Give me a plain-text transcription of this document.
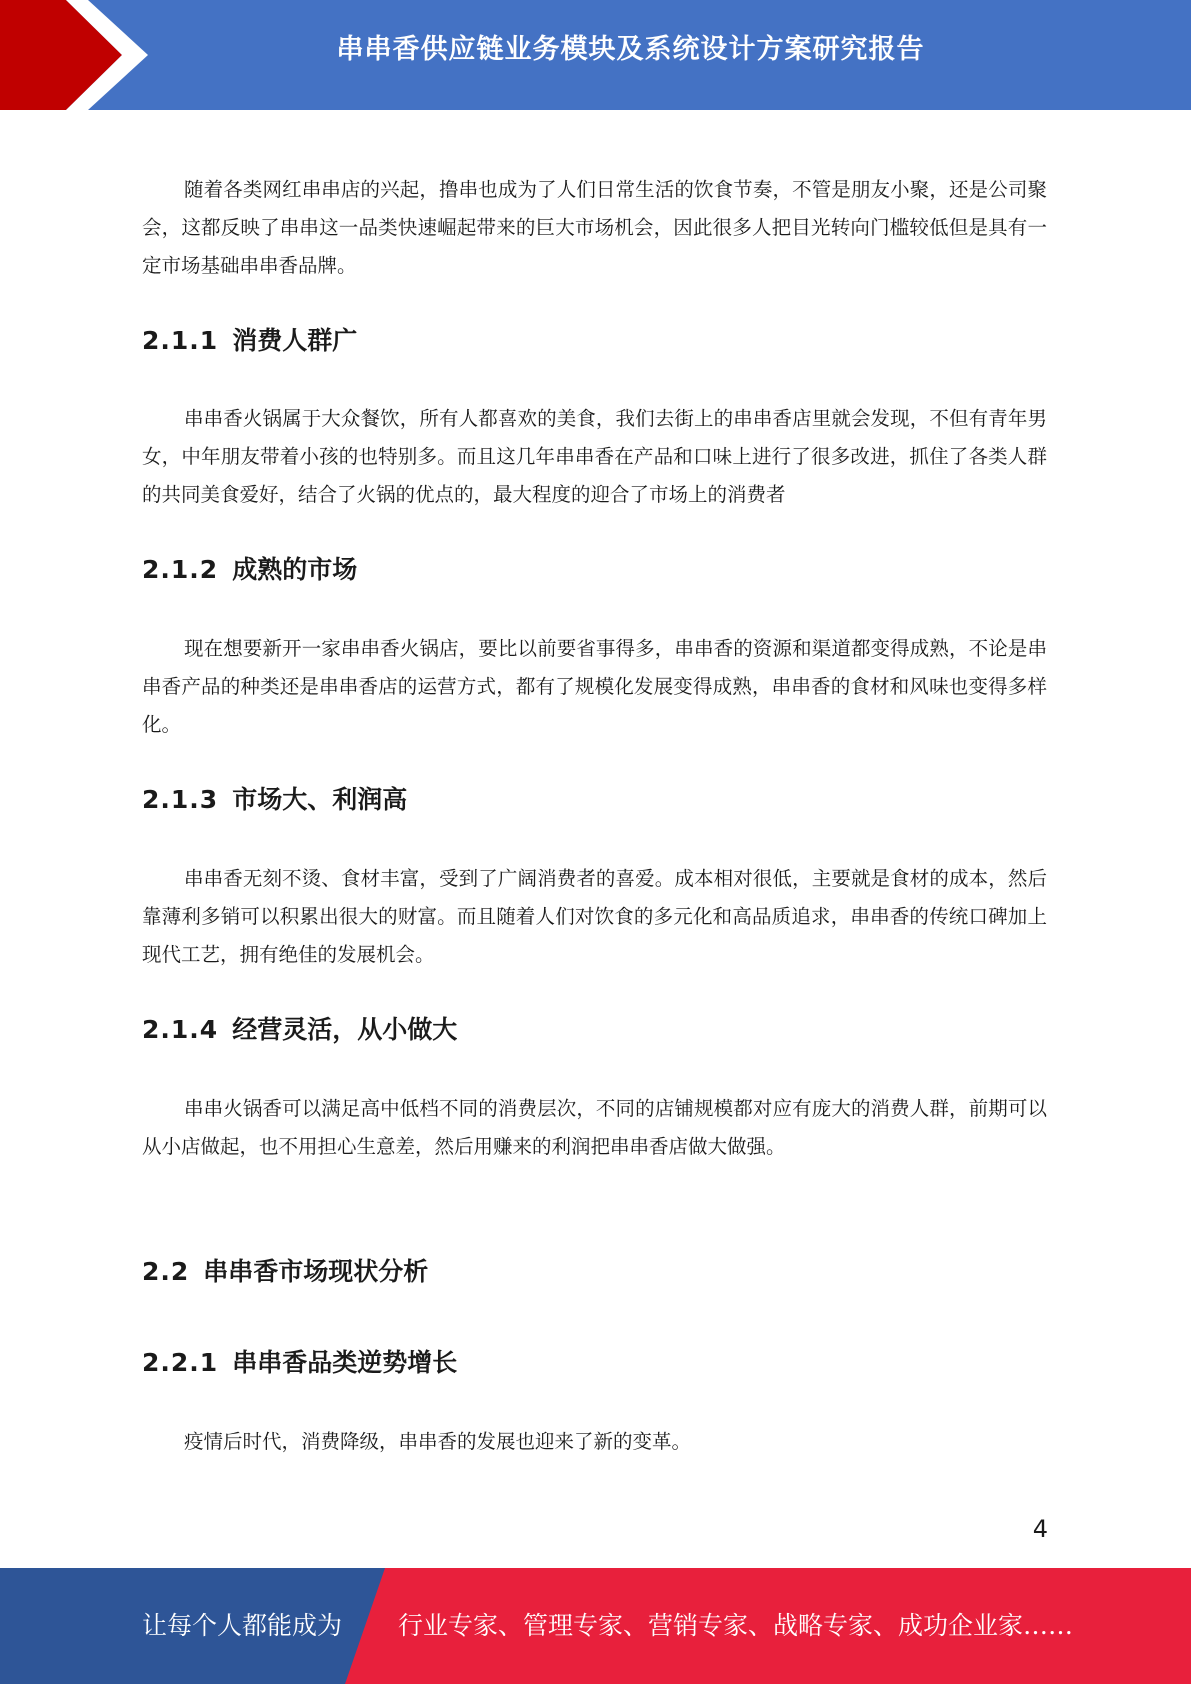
串串香供应链业务模块及系统设计方案研究报告

随着各类网红串串店的兴起，撸串也成为了人们日常生活的饮食节奏，不管是朋友小聚，还是公司聚会，这都反映了串串这一品类快速崛起带来的巨大市场机会，因此很多人把目光转向门槛较低但是具有一定市场基础串串香品牌。

2.1.1 消费人群广

串串香火锅属于大众餐饮，所有人都喜欢的美食，我们去街上的串串香店里就会发现，不但有青年男女，中年朋友带着小孩的也特别多。而且这几年串串香在产品和口味上进行了很多改进，抓住了各类人群的共同美食爱好，结合了火锅的优点的，最大程度的迎合了市场上的消费者

2.1.2 成熟的市场

现在想要新开一家串串香火锅店，要比以前要省事得多，串串香的资源和渠道都变得成熟，不论是串串香产品的种类还是串串香店的运营方式，都有了规模化发展变得成熟，串串香的食材和风味也变得多样化。

2.1.3 市场大、利润高

串串香无刻不烫、食材丰富，受到了广阔消费者的喜爱。成本相对很低，主要就是食材的成本，然后靠薄利多销可以积累出很大的财富。而且随着人们对饮食的多元化和高品质追求，串串香的传统口碑加上现代工艺，拥有绝佳的发展机会。

2.1.4 经营灵活，从小做大

串串火锅香可以满足高中低档不同的消费层次，不同的店铺规模都对应有庞大的消费人群，前期可以从小店做起，也不用担心生意差，然后用赚来的利润把串串香店做大做强。

2.2 串串香市场现状分析
2.2.1 串串香品类逆势增长

疫情后时代，消费降级，串串香的发展也迎来了新的变革。

4
让每个人都能成为 行业专家、管理专家、营销专家、战略专家、成功企业家……
